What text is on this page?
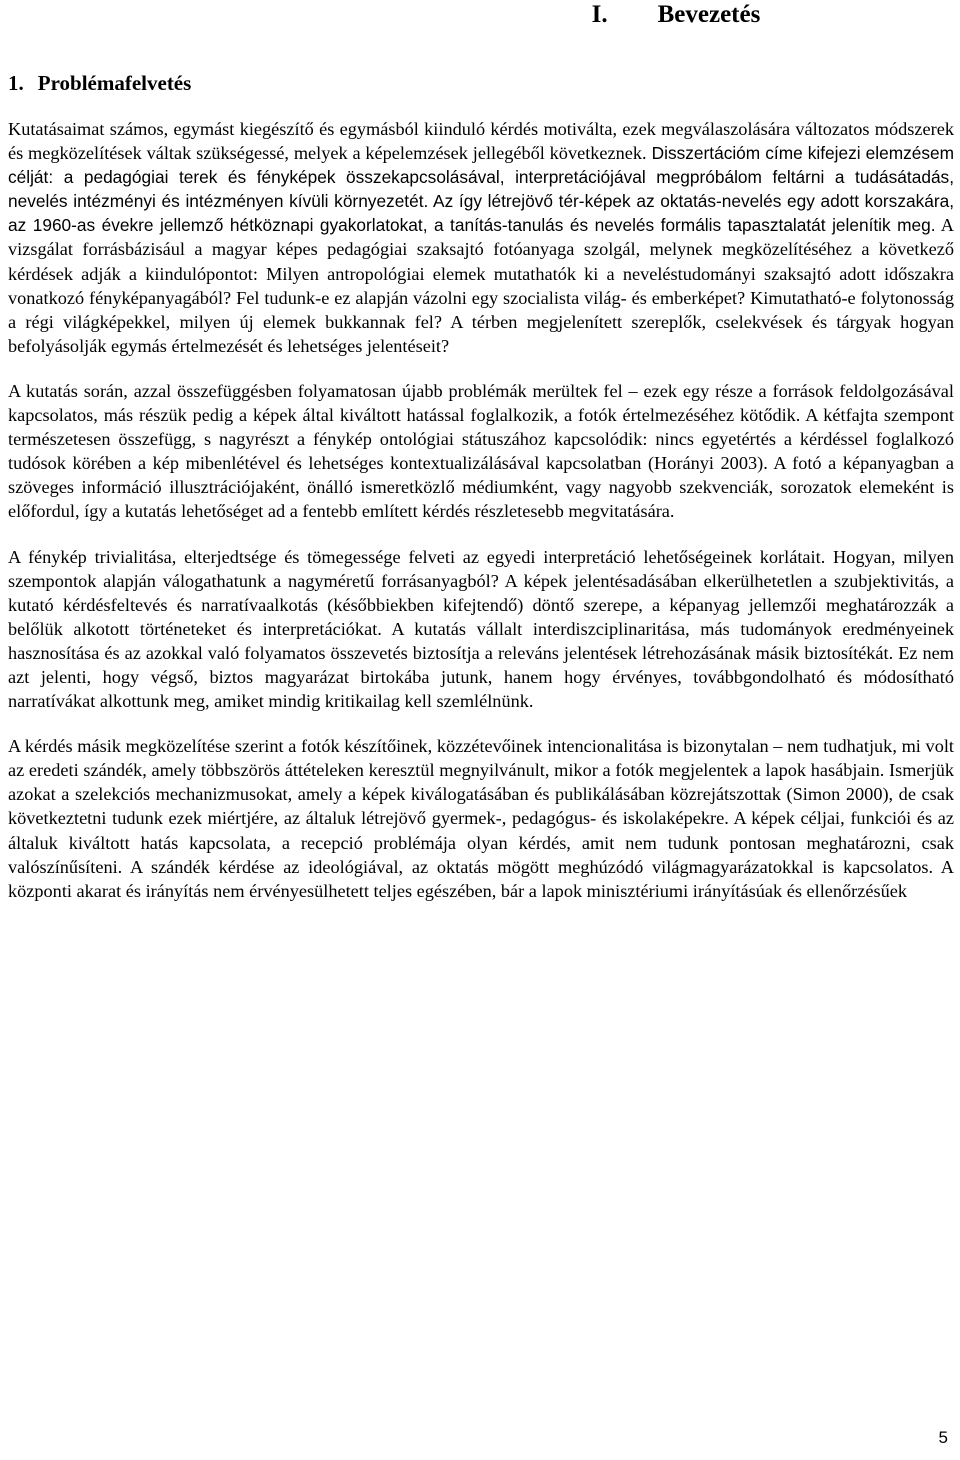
I. Bevezetés
1. Problémafelvetés

Kutatásaimat számos, egymást kiegészítő és egymásból kiinduló kérdés motiválta, ezek megválaszolására változatos módszerek és megközelítések váltak szükségessé, melyek a képelemzések jellegéből következnek. Disszertációm címe kifejezi elemzésem célját: a pedagógiai terek és fényképek összekapcsolásával, interpretációjával megpróbálom feltárni a tudásátadás, nevelés intézményi és intézményen kívüli környezetét. Az így létrejövő tér-képek az oktatás-nevelés egy adott korszakára, az 1960-as évekre jellemző hétköznapi gyakorlatokat, a tanítás-tanulás és nevelés formális tapasztalatát jelenítik meg. A vizsgálat forrásbázisául a magyar képes pedagógiai szaksajtó fotóanyaga szolgál, melynek megközelítéséhez a következő kérdések adják a kiindulópontot: Milyen antropológiai elemek mutathatók ki a neveléstudományi szaksajtó adott időszakra vonatkozó fényképanyagából? Fel tudunk-e ez alapján vázolni egy szocialista világ- és emberképet? Kimutatható-e folytonosság a régi világképekkel, milyen új elemek bukkannak fel? A térben megjelenített szereplők, cselekvések és tárgyak hogyan befolyásolják egymás értelmezését és lehetséges jelentéseit?

A kutatás során, azzal összefüggésben folyamatosan újabb problémák merültek fel – ezek egy része a források feldolgozásával kapcsolatos, más részük pedig a képek által kiváltott hatással foglalkozik, a fotók értelmezéséhez kötődik. A kétfajta szempont természetesen összefügg, s nagyrészt a fénykép ontológiai státuszához kapcsolódik: nincs egyetértés a kérdéssel foglalkozó tudósok körében a kép mibenlétével és lehetséges kontextualizálásával kapcsolatban (Horányi 2003). A fotó a képanyagban a szöveges információ illusztrációjaként, önálló ismeretközlő médiumként, vagy nagyobb szekvenciák, sorozatok elemeként is előfordul, így a kutatás lehetőséget ad a fentebb említett kérdés részletesebb megvitatására.

A fénykép trivialitása, elterjedtsége és tömegessége felveti az egyedi interpretáció lehetőségeinek korlátait. Hogyan, milyen szempontok alapján válogathatunk a nagyméretű forrásanyagból? A képek jelentésadásában elkerülhetetlen a szubjektivitás, a kutató kérdésfeltevés és narratívaalkotás (későbbiekben kifejtendő) döntő szerepe, a képanyag jellemzői meghatározzák a belőlük alkotott történeteket és interpretációkat. A kutatás vállalt interdiszciplinaritása, más tudományok eredményeinek hasznosítása és az azokkal való folyamatos összevetés biztosítja a releváns jelentések létrehozásának másik biztosítékát. Ez nem azt jelenti, hogy végső, biztos magyarázat birtokába jutunk, hanem hogy érvényes, továbbgondolható és módosítható narratívákat alkottunk meg, amiket mindig kritikailag kell szemlélnünk.

A kérdés másik megközelítése szerint a fotók készítőinek, közzétevőinek intencionalitása is bizonytalan – nem tudhatjuk, mi volt az eredeti szándék, amely többszörös áttételeken keresztül megnyilvánult, mikor a fotók megjelentek a lapok hasábjain. Ismerjük azokat a szelekciós mechanizmusokat, amely a képek kiválogatásában és publikálásában közrejátszottak (Simon 2000), de csak következtetni tudunk ezek miértjére, az általuk létrejövő gyermek-, pedagógus- és iskolaképekre. A képek céljai, funkciói és az általuk kiváltott hatás kapcsolata, a recepció problémája olyan kérdés, amit nem tudunk pontosan meghatározni, csak valószínűsíteni. A szándék kérdése az ideológiával, az oktatás mögött meghúzódó világmagyarázatokkal is kapcsolatos. A központi akarat és irányítás nem érvényesülhetett teljes egészében, bár a lapok minisztériumi irányításúak és ellenőrzésűek

5
